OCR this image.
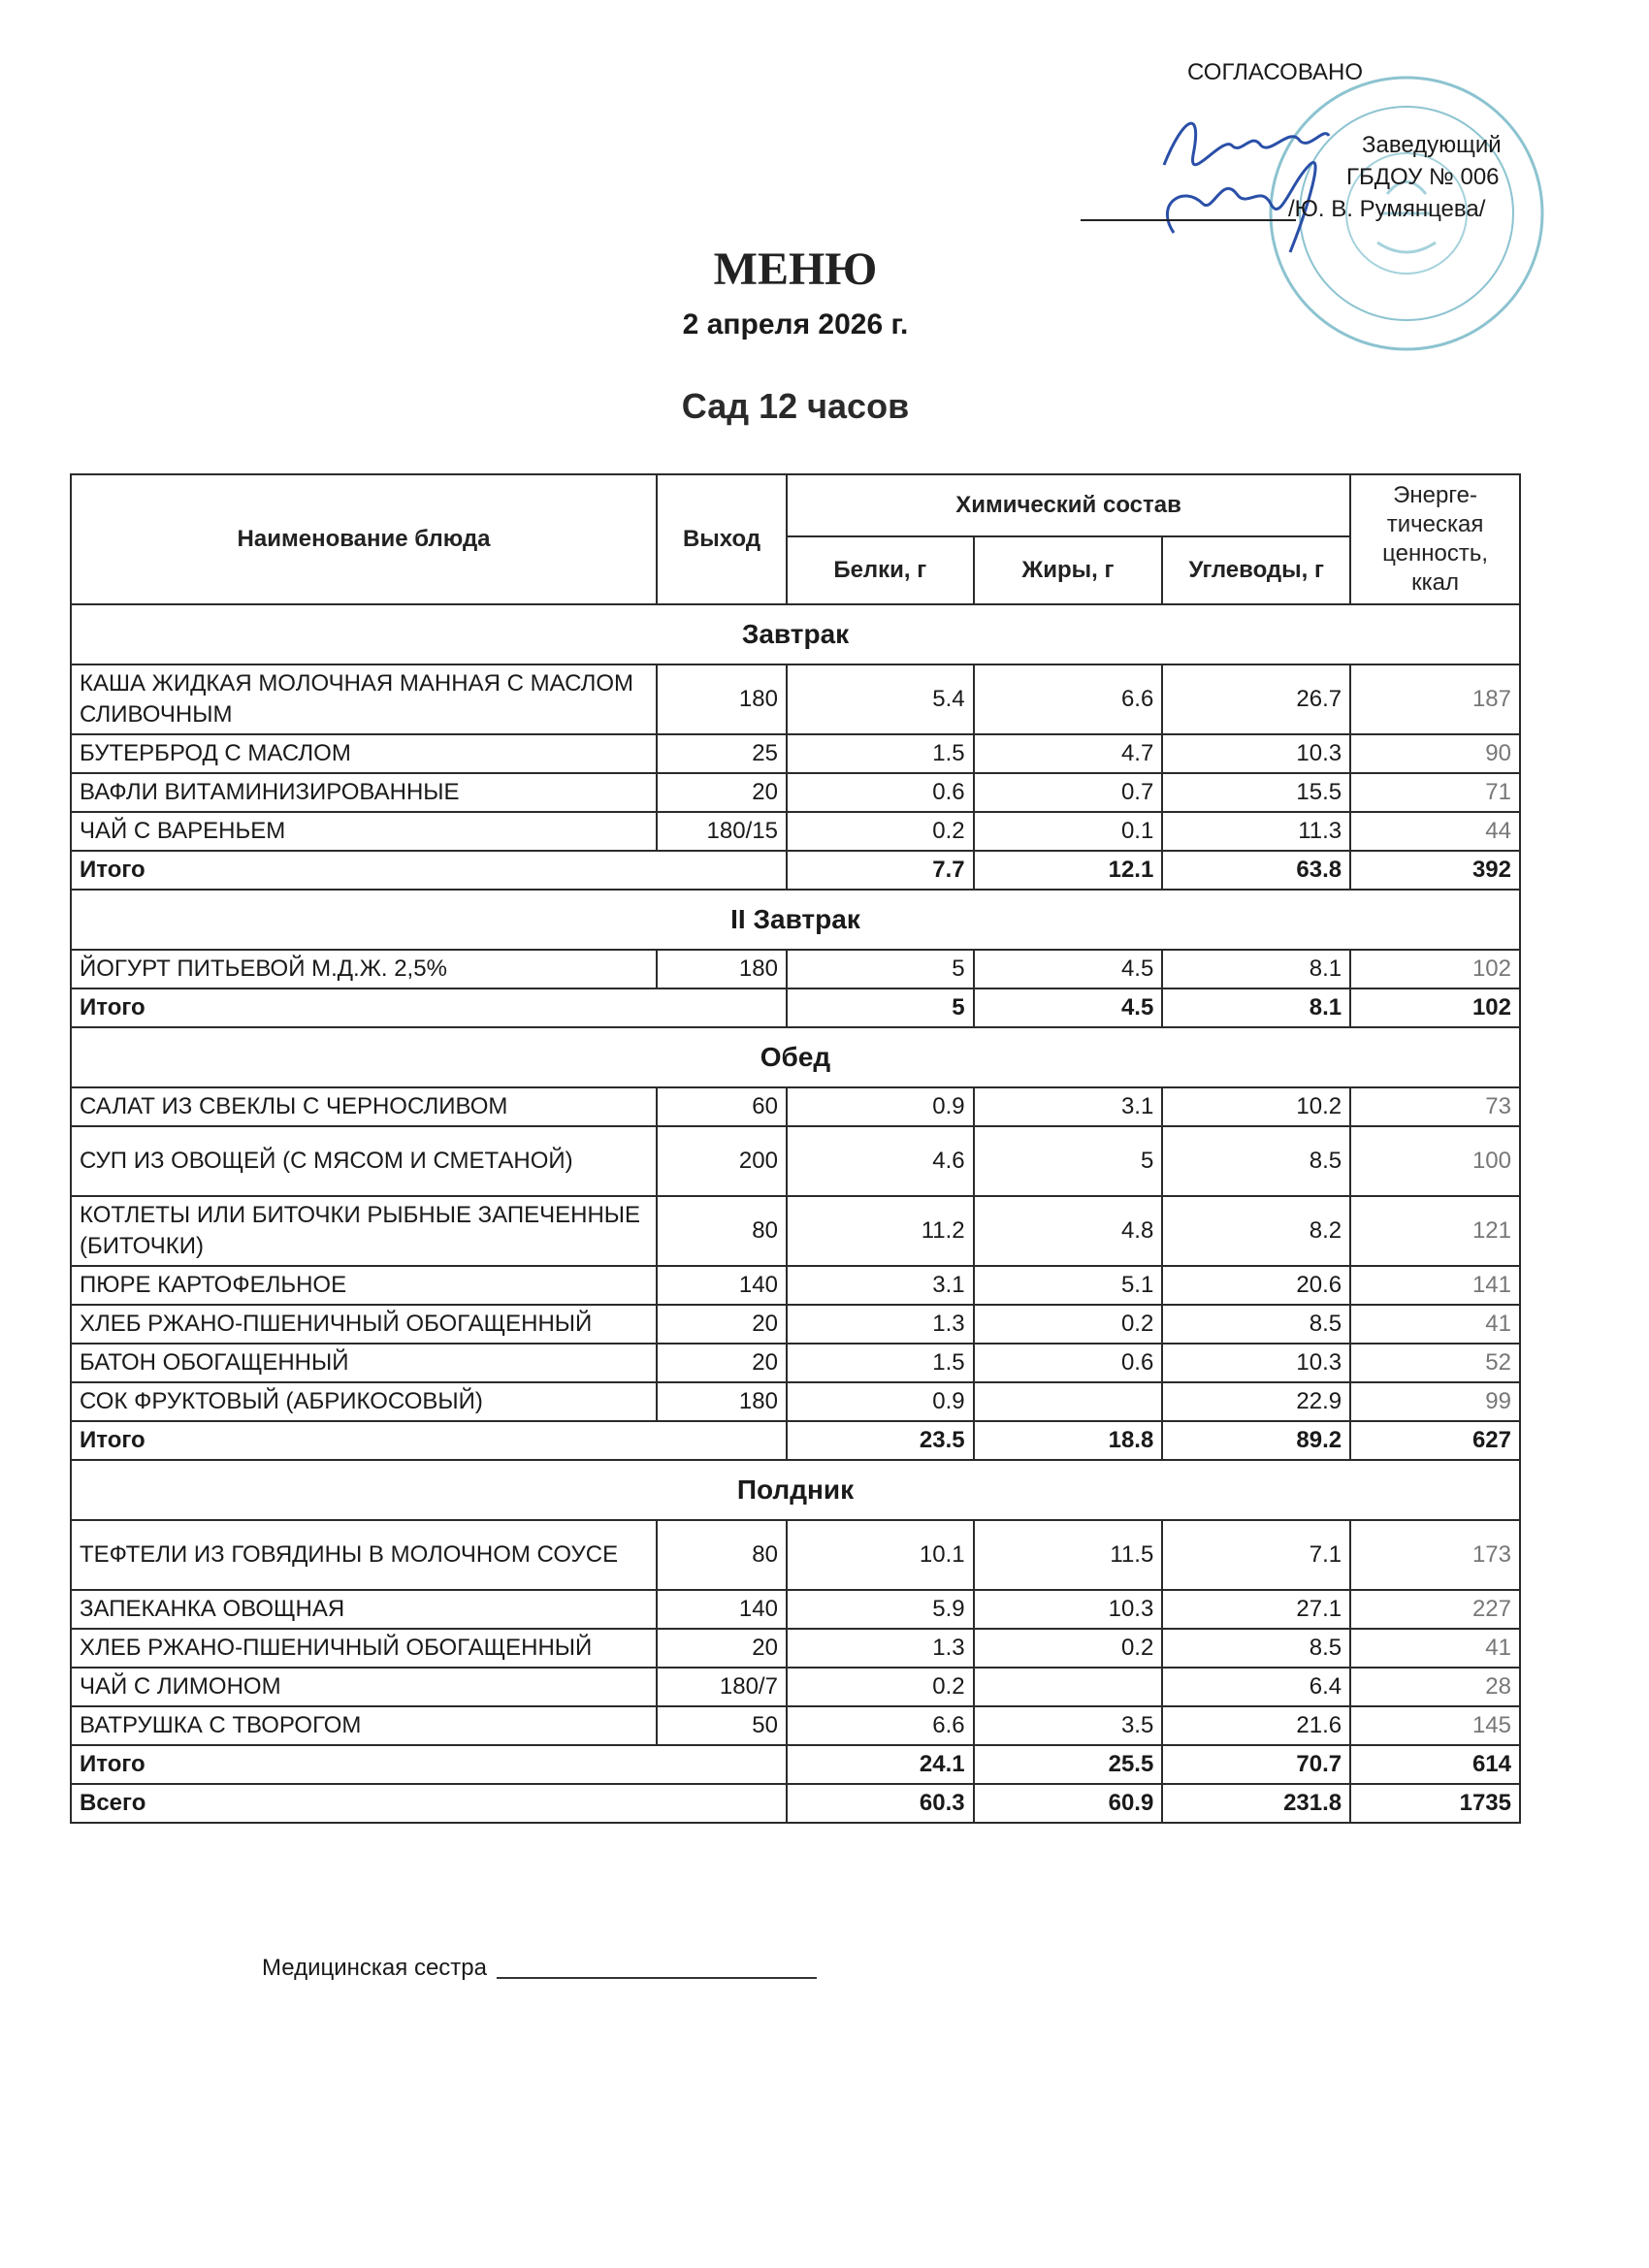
СОГЛАСОВАНО
Заведующий
ГБДОУ № 006
/Ю. В. Румянцева/
МЕНЮ
2 апреля 2026 г.
Сад 12 часов
Наименование блюда	Выход	Химический состав			Энерге-тическая ценность, ккал
		Белки, г	Жиры, г	Углеводы, г	
Завтрак					
КАША ЖИДКАЯ МОЛОЧНАЯ МАННАЯ С МАСЛОМ СЛИВОЧНЫМ	180	5.4	6.6	26.7	187
БУТЕРБРОД С МАСЛОМ	25	1.5	4.7	10.3	90
ВАФЛИ ВИТАМИНИЗИРОВАННЫЕ	20	0.6	0.7	15.5	71
ЧАЙ С ВАРЕНЬЕМ	180/15	0.2	0.1	11.3	44
Итого		7.7	12.1	63.8	392
II Завтрак					
ЙОГУРТ ПИТЬЕВОЙ М.Д.Ж. 2,5%	180	5	4.5	8.1	102
Итого		5	4.5	8.1	102
Обед					
САЛАТ ИЗ СВЕКЛЫ С ЧЕРНОСЛИВОМ	60	0.9	3.1	10.2	73
СУП ИЗ ОВОЩЕЙ (С МЯСОМ И СМЕТАНОЙ)	200	4.6	5	8.5	100
КОТЛЕТЫ ИЛИ БИТОЧКИ РЫБНЫЕ ЗАПЕЧЕННЫЕ (БИТОЧКИ)	80	11.2	4.8	8.2	121
ПЮРЕ КАРТОФЕЛЬНОЕ	140	3.1	5.1	20.6	141
ХЛЕБ РЖАНО-ПШЕНИЧНЫЙ ОБОГАЩЕННЫЙ	20	1.3	0.2	8.5	41
БАТОН ОБОГАЩЕННЫЙ	20	1.5	0.6	10.3	52
СОК ФРУКТОВЫЙ (АБРИКОСОВЫЙ)	180	0.9		22.9	99
Итого		23.5	18.8	89.2	627
Полдник					
ТЕФТЕЛИ ИЗ ГОВЯДИНЫ В МОЛОЧНОМ СОУСЕ	80	10.1	11.5	7.1	173
ЗАПЕКАНКА ОВОЩНАЯ	140	5.9	10.3	27.1	227
ХЛЕБ РЖАНО-ПШЕНИЧНЫЙ ОБОГАЩЕННЫЙ	20	1.3	0.2	8.5	41
ЧАЙ С ЛИМОНОМ	180/7	0.2		6.4	28
ВАТРУШКА С ТВОРОГОМ	50	6.6	3.5	21.6	145
Итого		24.1	25.5	70.7	614
Всего		60.3	60.9	231.8	1735
Медицинская сестра
